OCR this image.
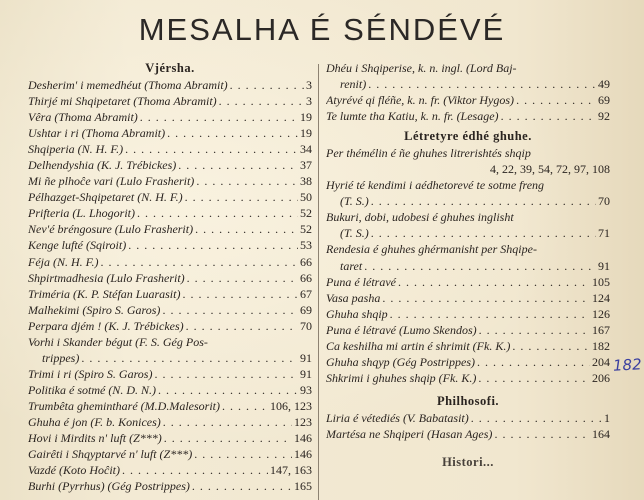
MESALHA É SÉNDÉVÉ
Vjérsha.
Desherim' i memedhéut (Thoma Abramit) . . .	3
Thirjé mi Shqipetaret (Thoma Abramit) . . .	3
Vêra (Thoma Abramit) . . .	19
Ushtar i ri (Thoma Abramit) . . .	19
Shqiperia (N. H. F.) . . .	34
Delhendyshia (K. J. Trébickes) . . .	37
Mi ñe plhoĉe vari (Lulo Frasherit) . . .	38
Pélhazget-Shqipetaret (N. H. F.) . . .	50
Prifteria (L. Lhogorit) . . .	52
Nev'é bréngosure (Lulo Frasherit) . . .	52
Kenge lufté (Sqiroit) . . .	53
Féja (N. H. F.) . . .	66
Shpirtmadhesia (Lulo Frasherit) . . .	66
Triméria (K. P. Stéfan Luarasit) . . .	67
Malhekimi (Spiro S. Garos) . . .	69
Perpara djém ! (K. J. Trébickes) . . .	70
Vorhi i Skander bégut (F. S. Gég Pos-
trippes) . . .	91
Trimi i ri (Spiro S. Garos) . . .	91
Politika é sotmé (N. D. N.) . . .	93
Trumbêta ghemintharé (M.D.Malesorit) . . .	106, 123
Ghuha é jon (F. b. Konices) . . .	123
Hovi i Mirdits n' luft (Z***) . . .	146
Gairêti i Shqyptarvé n' luft (Z***) . . .	146
Vazdé (Koto Hoĉit) . . .	147, 163
Burhi (Pyrrhus) (Gég Postrippes) . . .	165
Dhéu i Shqiperise, k. n. ingl. (Lord Baj-
renit) . . .	49
Atyrévé qi fléñe, k. n. fr. (Viktor Hygos) . . .	69
Te lumte tha Katiu, k. n. fr. (Lesage) . . .	92
Létretyre édhé ghuhe.
Per thémélin é ñe ghuhes litrerishtés shqip
4, 22, 39, 54, 72, 97, 108
Hyrié té kendimi i aédhetorevé te sotme freng
(T. S.) . . .	70
Bukuri, dobi, udobesi é ghuhes inglisht
(T. S.) . . .	71
Rendesia é ghuhes ghérmanisht per Shqipe-
taret . . .	91
Puna é létravé . . .	105
Vasa pasha . . .	124
Ghuha shqip . . .	126
Puna é létravé (Lumo Skendos) . . .	167
Ca keshilha mi artin é shrimit (Fk. K.) . . .	182
Ghuha shqyp (Gég Postrippes) . . .	204
Shkrimi i ghuhes shqip (Fk. K.) . . .	206
Philhosofi.
Liria é vétediés (V. Babatasit) . . .	1
Martésa ne Shqiperi (Hasan Ages) . . .	164
Histori...
182
